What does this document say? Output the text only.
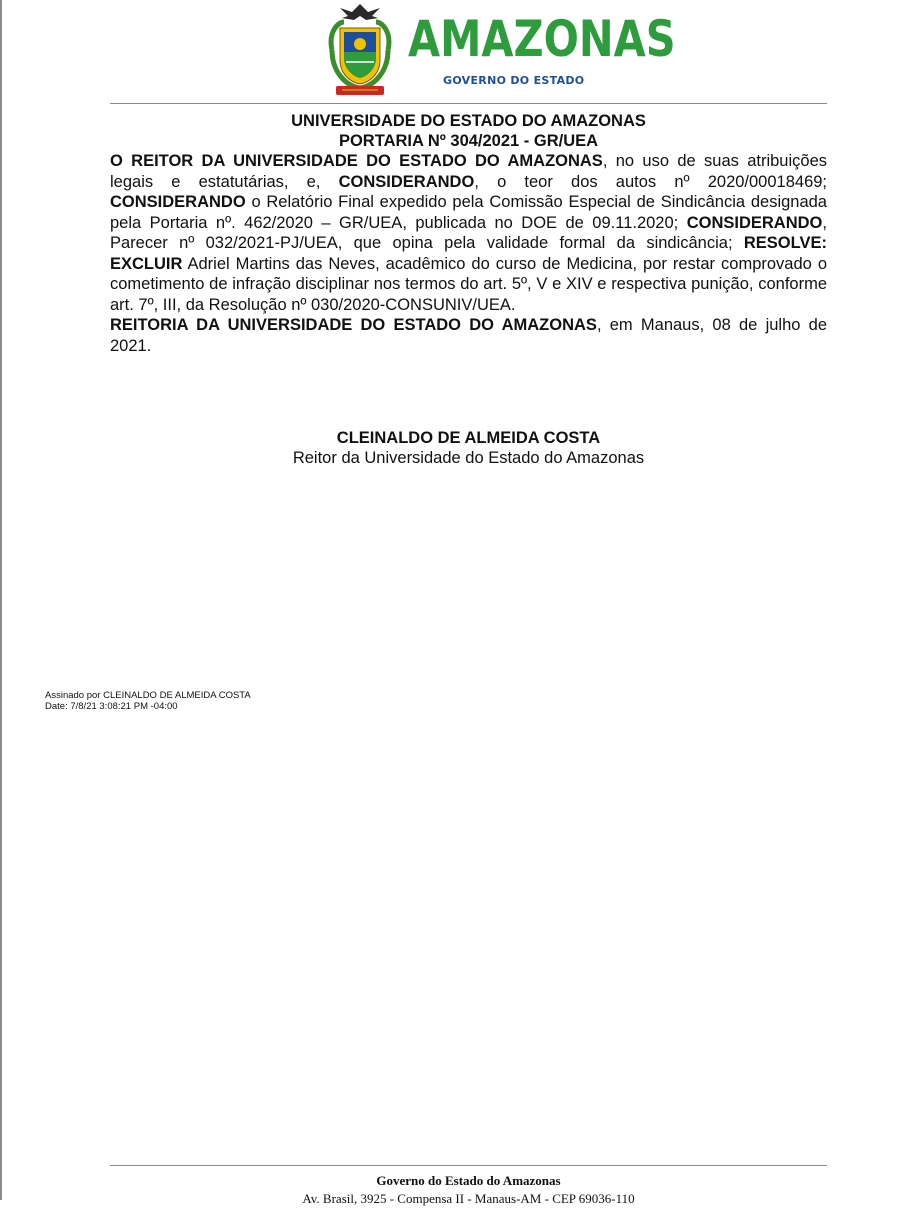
AMAZONAS
GOVERNO DO ESTADO
UNIVERSIDADE DO ESTADO DO AMAZONAS
PORTARIA Nº 304/2021 - GR/UEA

O REITOR DA UNIVERSIDADE DO ESTADO DO AMAZONAS, no uso de suas atribuições legais e estatutárias, e, CONSIDERANDO, o teor dos autos nº 2020/00018469; CONSIDERANDO o Relatório Final expedido pela Comissão Especial de Sindicância designada pela Portaria nº. 462/2020 – GR/UEA, publicada no DOE de 09.11.2020; CONSIDERANDO, Parecer nº 032/2021-PJ/UEA, que opina pela validade formal da sindicância; RESOLVE: EXCLUIR Adriel Martins das Neves, acadêmico do curso de Medicina, por restar comprovado o cometimento de infração disciplinar nos termos do art. 5º, V e XIV e respectiva punição, conforme art. 7º, III, da Resolução nº 030/2020-CONSUNIV/UEA.

REITORIA DA UNIVERSIDADE DO ESTADO DO AMAZONAS, em Manaus, 08 de julho de 2021.

CLEINALDO DE ALMEIDA COSTA
Reitor da Universidade do Estado do Amazonas
Assinado por CLEINALDO DE ALMEIDA COSTA
Date: 7/8/21 3:08:21 PM -04:00
Governo do Estado do Amazonas
Av. Brasil, 3925 - Compensa II - Manaus-AM - CEP 69036-110
